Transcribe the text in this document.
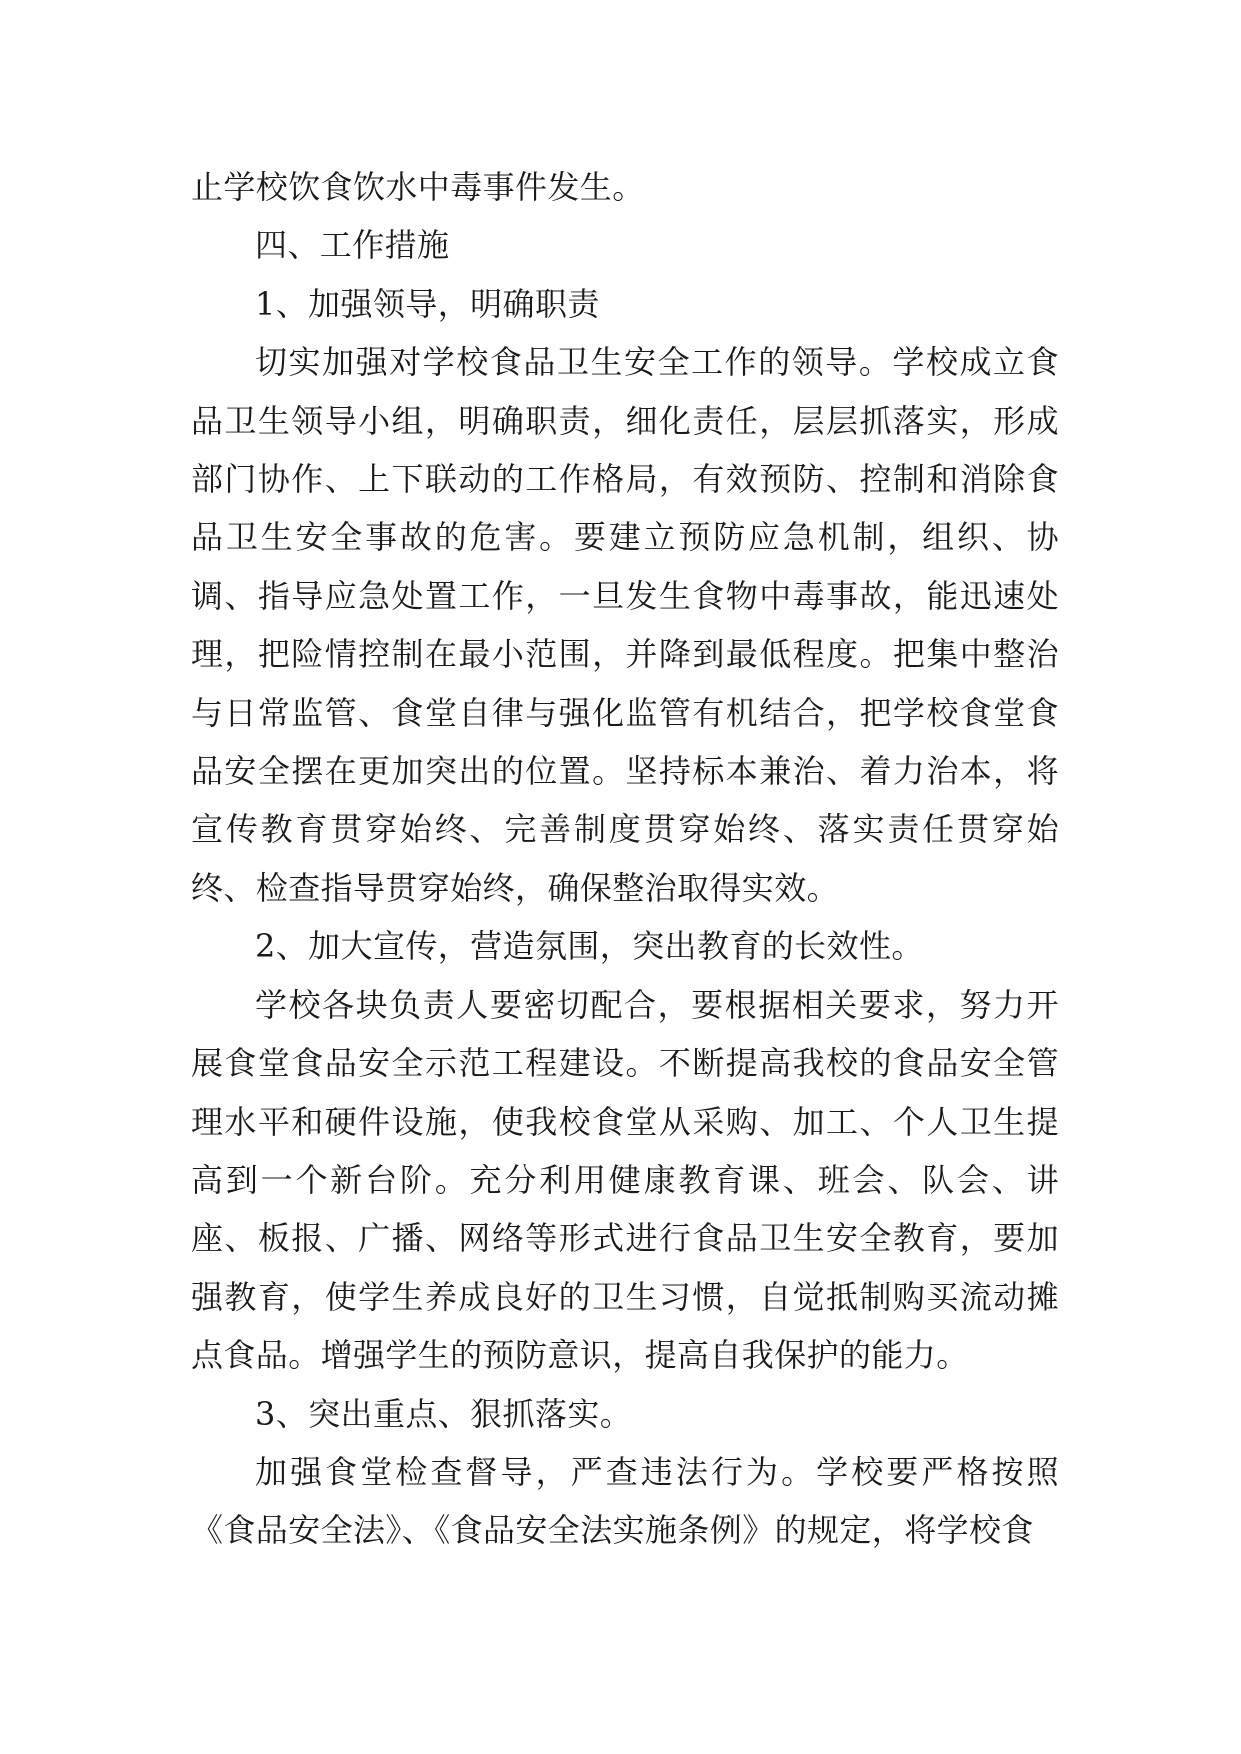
止学校饮食饮水中毒事件发生。

四、工作措施

1、加强领导，明确职责

切实加强对学校食品卫生安全工作的领导。学校成立食品卫生领导小组，明确职责，细化责任，层层抓落实，形成部门协作、上下联动的工作格局，有效预防、控制和消除食品卫生安全事故的危害。要建立预防应急机制，组织、协调、指导应急处置工作，一旦发生食物中毒事故，能迅速处理，把险情控制在最小范围，并降到最低程度。把集中整治与日常监管、食堂自律与强化监管有机结合，把学校食堂食品安全摆在更加突出的位置。坚持标本兼治、着力治本，将宣传教育贯穿始终、完善制度贯穿始终、落实责任贯穿始终、检查指导贯穿始终，确保整治取得实效。

2、加大宣传，营造氛围，突出教育的长效性。

学校各块负责人要密切配合，要根据相关要求，努力开展食堂食品安全示范工程建设。不断提高我校的食品安全管理水平和硬件设施，使我校食堂从采购、加工、个人卫生提高到一个新台阶。充分利用健康教育课、班会、队会、讲座、板报、广播、网络等形式进行食品卫生安全教育，要加强教育，使学生养成良好的卫生习惯，自觉抵制购买流动摊点食品。增强学生的预防意识，提高自我保护的能力。

3、突出重点、狠抓落实。

加强食堂检查督导，严查违法行为。学校要严格按照《食品安全法》、《食品安全法实施条例》的规定，将学校食
